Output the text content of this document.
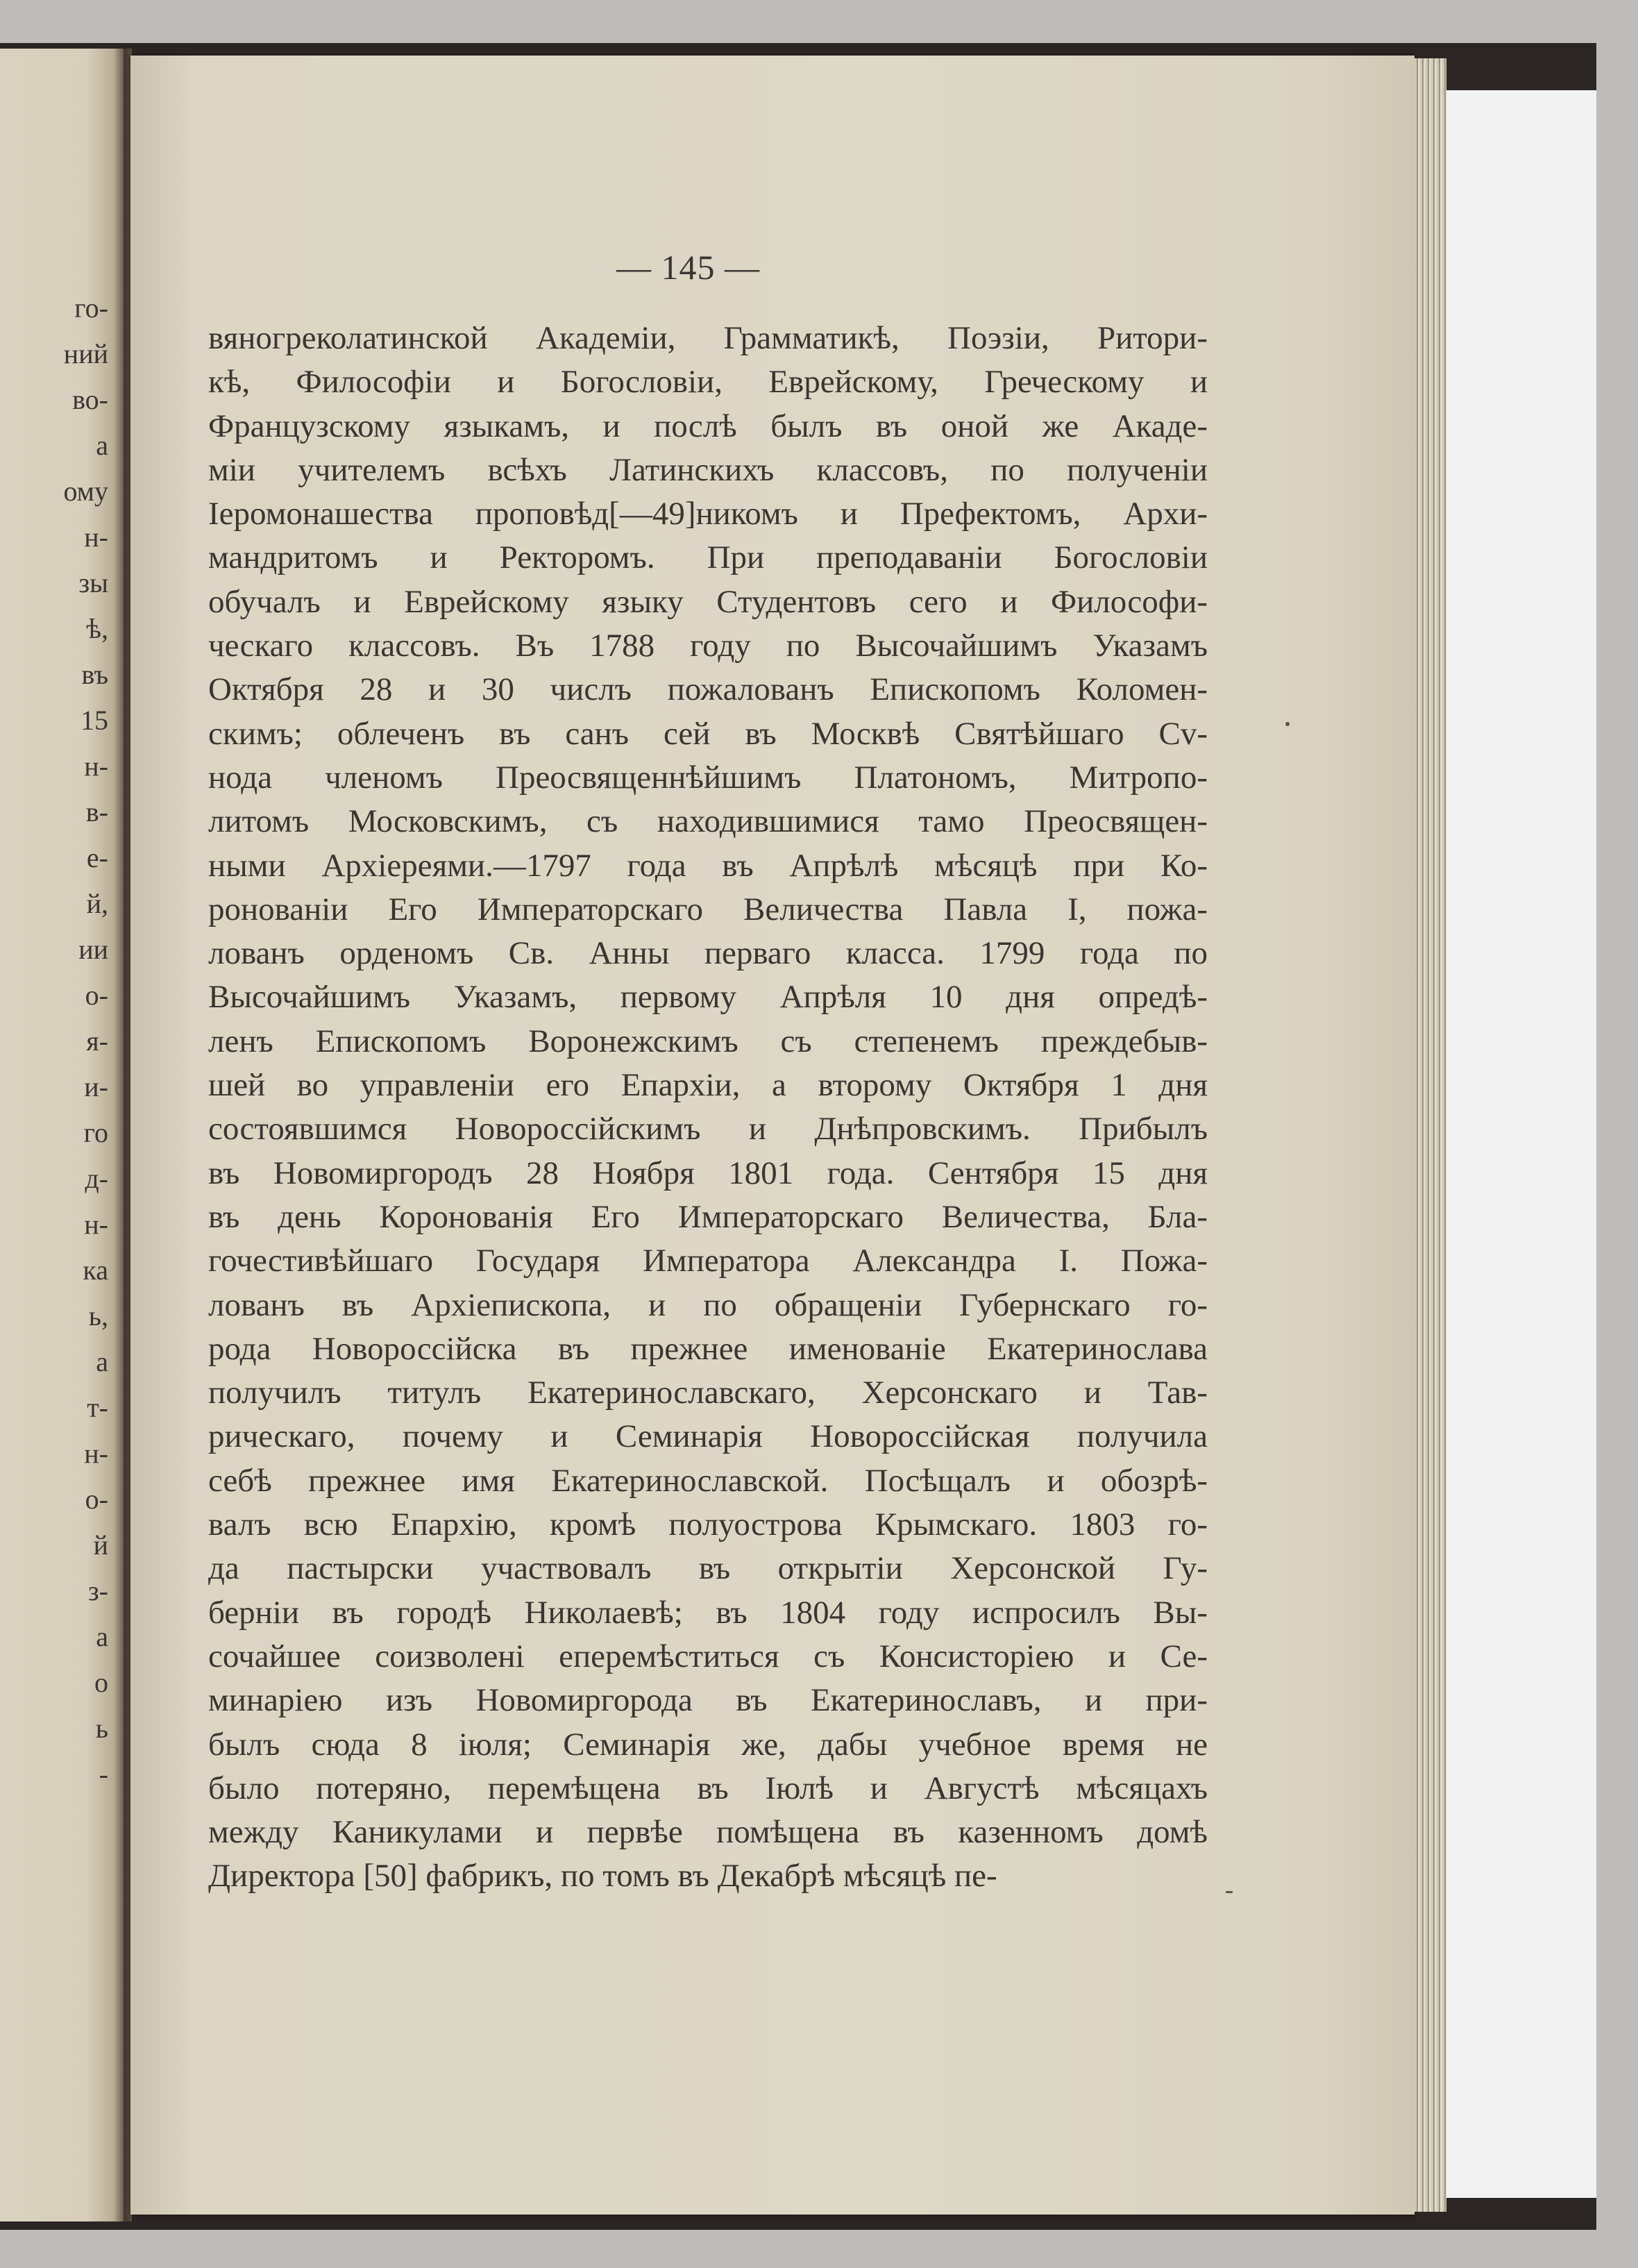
го-
ний
во-
а
ому
н-
зы
ѣ,
въ
15
н-
в-
е-
й,
ии
о-
я-
и-
го
д-
н-
ка
ь,
а
т-
н-
о-
й
з-
а
о
ь
-
— 145 —
вяногреколатинской Академіи, Грамматикѣ, Поэзіи, Ритори-
кѣ, Философіи и Богословіи, Еврейскому, Греческому и
Французскому языкамъ, и послѣ былъ въ оной же Акаде-
міи учителемъ всѣхъ Латинскихъ классовъ, по полученіи
Іеромонашества проповѣд[—49]никомъ и Префектомъ, Архи-
мандритомъ и Ректоромъ. При преподаваніи Богословіи
обучалъ и Еврейскому языку Студентовъ сего и Философи-
ческаго классовъ. Въ 1788 году по Высочайшимъ Указамъ
Октября 28 и 30 числъ пожалованъ Епископомъ Коломен-
скимъ; облеченъ въ санъ сей въ Москвѣ Святѣйшаго Сv-
нода членомъ Преосвященнѣйшимъ Платономъ, Митропо-
литомъ Московскимъ, съ находившимися тамо Преосвящен-
ными Архіереями.—1797 года въ Апрѣлѣ мѣсяцѣ при Ко-
ронованіи Его Императорскаго Величества Павла I, пожа-
лованъ орденомъ Св. Анны перваго класса. 1799 года по
Высочайшимъ Указамъ, первому Апрѣля 10 дня опредѣ-
ленъ Епископомъ Воронежскимъ съ степенемъ преждебыв-
шей во управленіи его Епархіи, а второму Октября 1 дня
состоявшимся Новороссійскимъ и Днѣпровскимъ. Прибылъ
въ Новомиргородъ 28 Ноября 1801 года. Сентября 15 дня
въ день Коронованія Его Императорскаго Величества, Бла-
гочестивѣйшаго Государя Императора Александра I. Пожа-
лованъ въ Архіепископа, и по обращеніи Губернскаго го-
рода Новороссійска въ прежнее именованіе Екатеринослава
получилъ титулъ Екатеринославскаго, Херсонскаго и Тав-
рическаго, почему и Семинарія Новороссійская получила
себѣ прежнее имя Екатеринославской. Посѣщалъ и обозрѣ-
валъ всю Епархію, кромѣ полуострова Крымскаго. 1803 го-
да пастырски участвовалъ въ открытіи Херсонской Гу-
берніи въ городѣ Николаевѣ; въ 1804 году испросилъ Вы-
сочайшее соизволені еперемѣститься съ Консисторіею и Се-
минаріею изъ Новомиргорода въ Екатеринославъ, и при-
былъ сюда 8 іюля; Семинарія же, дабы учебное время не
было потеряно, перемѣщена въ Іюлѣ и Августѣ мѣсяцахъ
между Каникулами и первѣе помѣщена въ казенномъ домѣ
Директора [50] фабрикъ, по томъ въ Декабрѣ мѣсяцѣ пе-
